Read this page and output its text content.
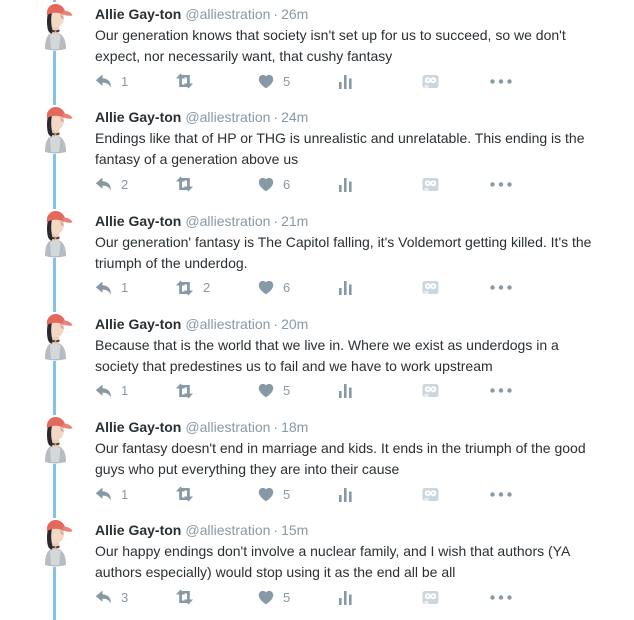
Allie Gay-ton @alliestration · 26m
Our generation knows that society isn't set up for us to succeed, so we don't
expect, nor necessarily want, that cushy fantasy
1	5
Allie Gay-ton @alliestration · 24m
Endings like that of HP or THG is unrealistic and unrelatable. This ending is the
fantasy of a generation above us
2	6
Allie Gay-ton @alliestration · 21m
Our generation' fantasy is The Capitol falling, it's Voldemort getting killed. It's the
triumph of the underdog.
1	2	6
Allie Gay-ton @alliestration · 20m
Because that is the world that we live in. Where we exist as underdogs in a
society that predestines us to fail and we have to work upstream
1	5
Allie Gay-ton @alliestration · 18m
Our fantasy doesn't end in marriage and kids. It ends in the triumph of the good
guys who put everything they are into their cause
1	5
Allie Gay-ton @alliestration · 15m
Our happy endings don't involve a nuclear family, and I wish that authors (YA
authors especially) would stop using it as the end all be all
3	5
